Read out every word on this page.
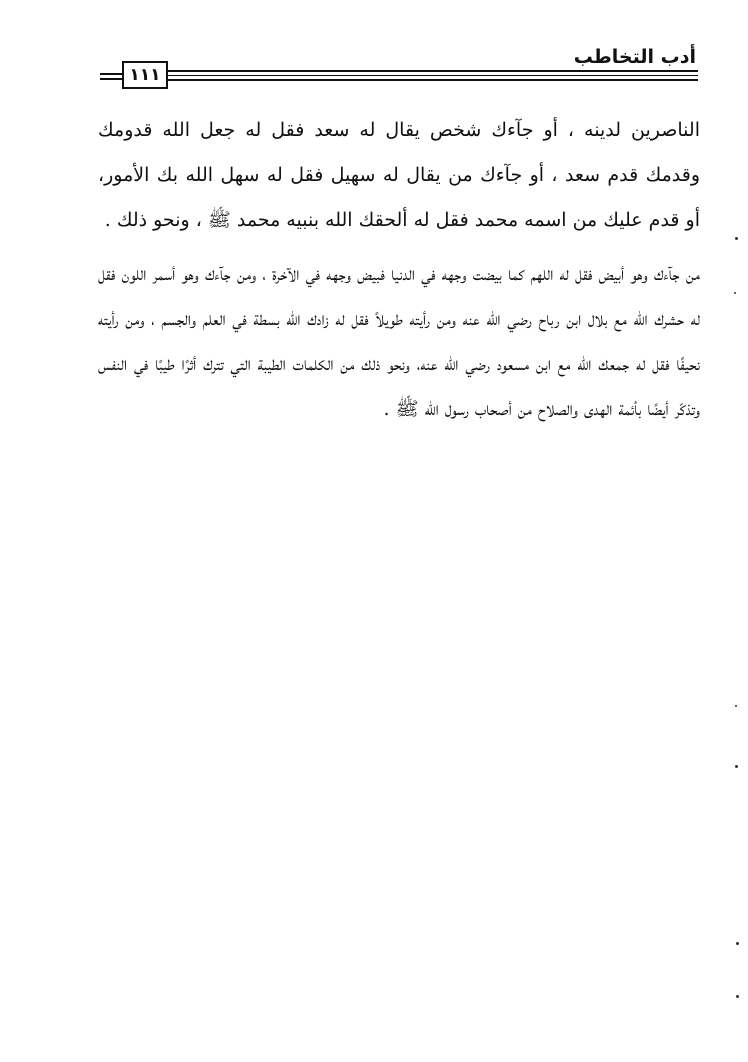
أدب التخاطب
١١١

الناصرين لدينه ، أو جآءك شخص يقال له سعد فقل له جعل الله قدومك وقدمك قدم سعد ، أو جآءك من يقال له سهيل فقل له سهل الله بك الأمور، أو قدم عليك من اسمه محمد فقل له ألحقك الله بنبيه محمد ﷺ ، ونحو ذلك .

من جآءك وهو أبيض فقل له اللهم كما بيضت وجهه في الدنيا فبيض وجهه في الآخرة ، ومن جآءك وهو أسمر اللون فقل له حشرك الله مع بلال ابن رباح رضي الله عنه ومن رأيته طويلاً فقل له زادك الله بسطة في العلم والجسم ، ومن رأيته نحيفًا فقل له جمعك الله مع ابن مسعود رضي الله عنه، ونحو ذلك من الكلمات الطيبة التي تترك أثرًا طيبًا في النفس وتذكّر أيضًا بأئمة الهدى والصلاح من أصحاب رسول الله ﷺ .
